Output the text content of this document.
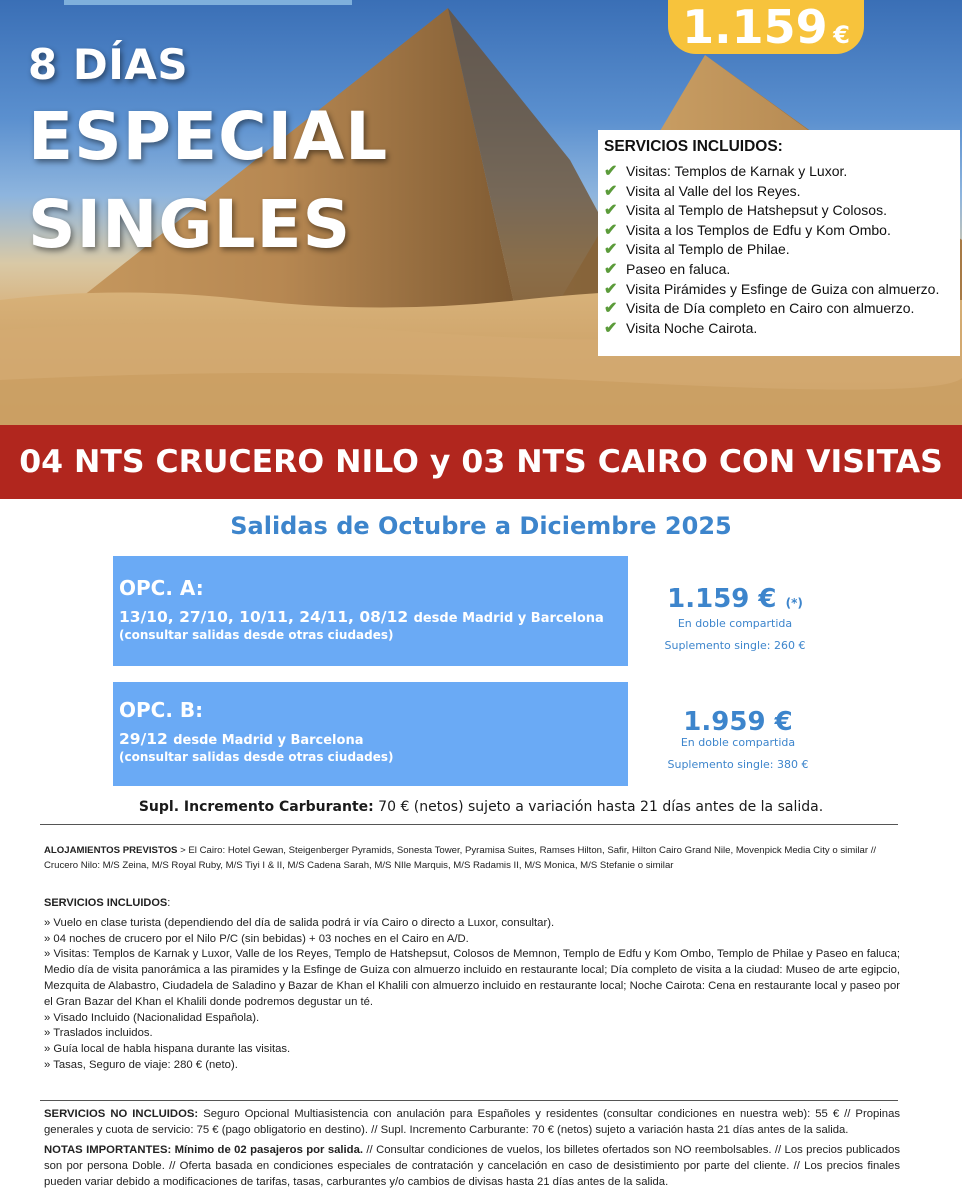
8 DÍAS
ESPECIAL
SINGLES
1.159 €
SERVICIOS INCLUIDOS:
✔ Visitas: Templos de Karnak y Luxor.
✔ Visita al Valle del los Reyes.
✔ Visita al Templo de Hatshepsut y Colosos.
✔ Visita a los Templos de Edfu y Kom Ombo.
✔ Visita al Templo de Philae.
✔ Paseo en faluca.
✔ Visita Pirámides y Esfinge de Guiza con almuerzo.
✔ Visita de Día completo en Cairo con almuerzo.
✔ Visita Noche Cairota.
04 NTS CRUCERO NILO y 03 NTS CAIRO CON VISITAS
Salidas de Octubre a Diciembre 2025
OPC. A:
13/10, 27/10, 10/11, 24/11, 08/12 desde Madrid y Barcelona
(consultar salidas desde otras ciudades)
1.159 € (*)
En doble compartida
Suplemento single: 260 €
OPC. B:
29/12 desde Madrid y Barcelona
(consultar salidas desde otras ciudades)
1.959 €
En doble compartida
Suplemento single: 380 €
Supl. Incremento Carburante: 70 € (netos) sujeto a variación hasta 21 días antes de la salida.
ALOJAMIENTOS PREVISTOS > El Cairo: Hotel Gewan, Steigenberger Pyramids, Sonesta Tower, Pyramisa Suites, Ramses Hilton, Safir, Hilton Cairo Grand Nile, Movenpick Media City o similar // Crucero Nilo: M/S Zeina, M/S Royal Ruby, M/S Tiyi I & II, M/S Cadena Sarah, M/S NIle Marquis, M/S Radamis II, M/S Monica, M/S Stefanie o similar
SERVICIOS INCLUIDOS:
» Vuelo en clase turista (dependiendo del día de salida podrá ir vía Cairo o directo a Luxor, consultar).
» 04 noches de crucero por el Nilo P/C (sin bebidas) + 03 noches en el Cairo en A/D.
» Visitas: Templos de Karnak y Luxor, Valle de los Reyes, Templo de Hatshepsut, Colosos de Memnon, Templo de Edfu y Kom Ombo, Templo de Philae y Paseo en faluca; Medio día de visita panorámica a las piramides y la Esfinge de Guiza con almuerzo incluido en restaurante local; Día completo de visita a la ciudad: Museo de arte egipcio, Mezquita de Alabastro, Ciudadela de Saladino y Bazar de Khan el Khalili con almuerzo incluido en restaurante local; Noche Cairota: Cena en restaurante local y paseo por el Gran Bazar del Khan el Khalili donde podremos degustar un té.
» Visado Incluido (Nacionalidad Española).
» Traslados incluidos.
» Guía local de habla hispana durante las visitas.
» Tasas, Seguro de viaje: 280 € (neto).
SERVICIOS NO INCLUIDOS: Seguro Opcional Multiasistencia con anulación para Españoles y residentes (consultar condiciones en nuestra web): 55 € // Propinas generales y cuota de servicio: 75 € (pago obligatorio en destino). // Supl. Incremento Carburante: 70 € (netos) sujeto a variación hasta 21 días antes de la salida.
NOTAS IMPORTANTES: Mínimo de 02 pasajeros por salida. // Consultar condiciones de vuelos, los billetes ofertados son NO reembolsables. // Los precios publicados son por persona Doble. // Oferta basada en condiciones especiales de contratación y cancelación en caso de desistimiento por parte del cliente. // Los precios finales pueden variar debido a modificaciones de tarifas, tasas, carburantes y/o cambios de divisas hasta 21 días antes de la salida.
